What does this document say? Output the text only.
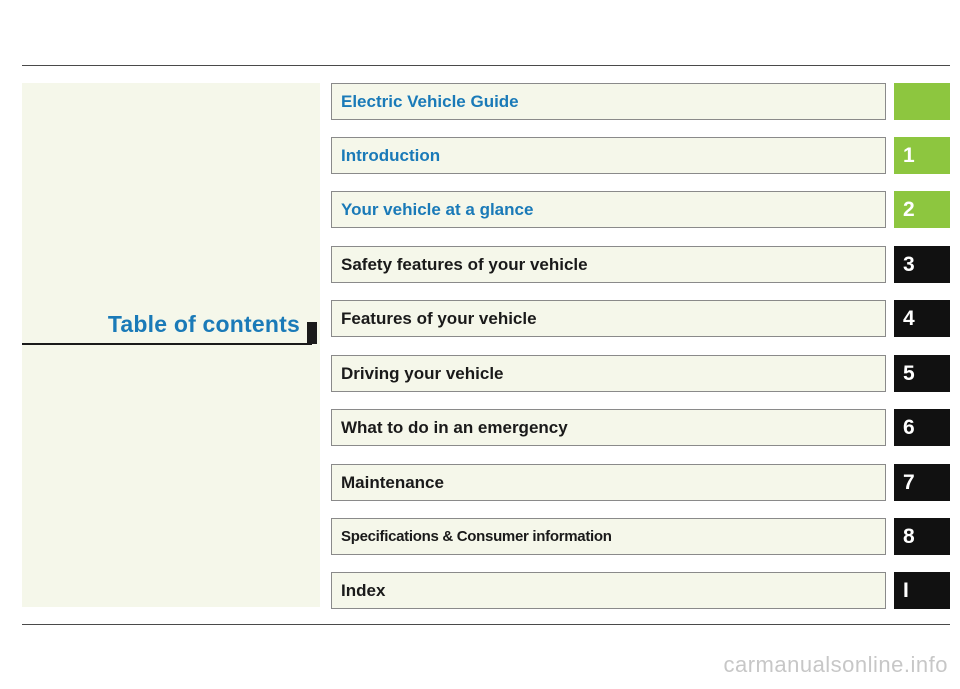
Table of contents
Electric Vehicle Guide
Introduction	1
Your vehicle at a glance	2
Safety features of your vehicle	3
Features of your vehicle	4
Driving your vehicle	5
What to do in an emergency	6
Maintenance	7
Specifications & Consumer information	8
Index	I
carmanualsonline.info
